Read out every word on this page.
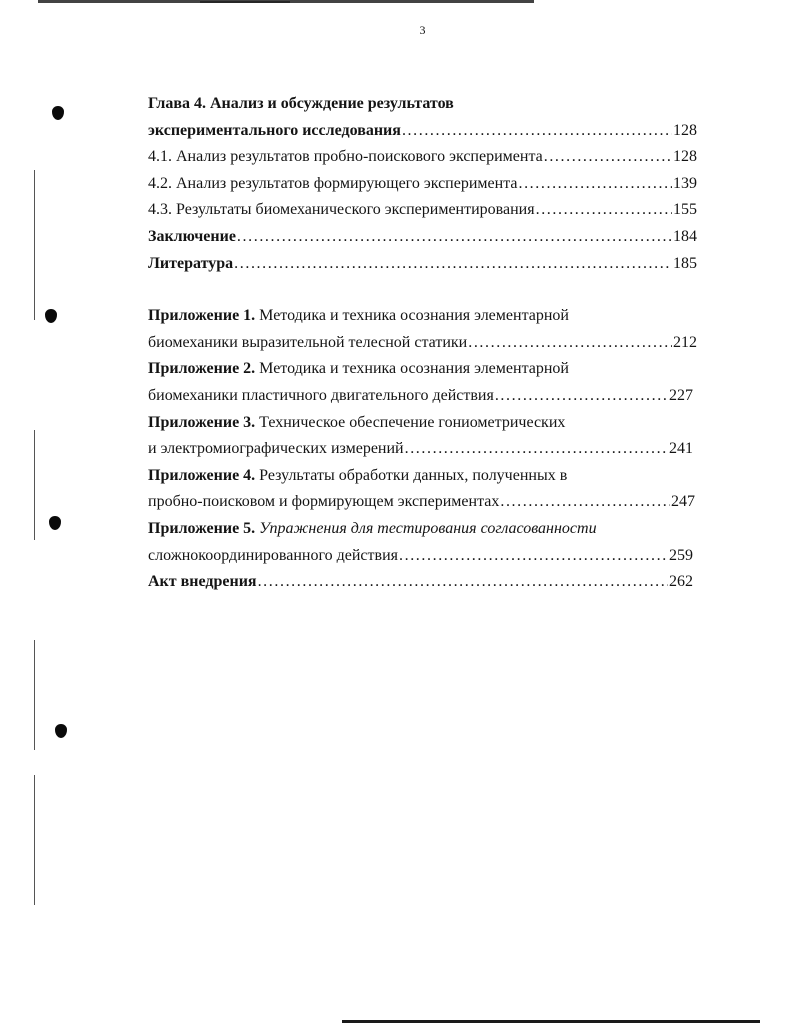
3
Глава 4. Анализ и обсуждение результатов
экспериментального исследования .....	128
4.1. Анализ результатов пробно-поискового эксперимента .....	128
4.2. Анализ результатов формирующего эксперимента .....	139
4.3. Результаты биомеханического экспериментирования .....	155
Заключение .....	184
Литература .....	185
Приложение 1.
Методика и техника осознания элементарной
биомеханики выразительной телесной статики .....	212
Приложение 2.
Методика и техника осознания элементарной
биомеханики пластичного двигательного действия .....	227
Приложение 3.
Техническое обеспечение гониометрических
и электромиографических измерений .....	241
Приложение 4.
Результаты обработки данных, полученных в
пробно-поисковом и формирующем экспериментах .....	247
Приложение 5.
Упражнения для тестирования согласованности
сложнокоординированного действия .....	259
Акт внедрения .....	262
